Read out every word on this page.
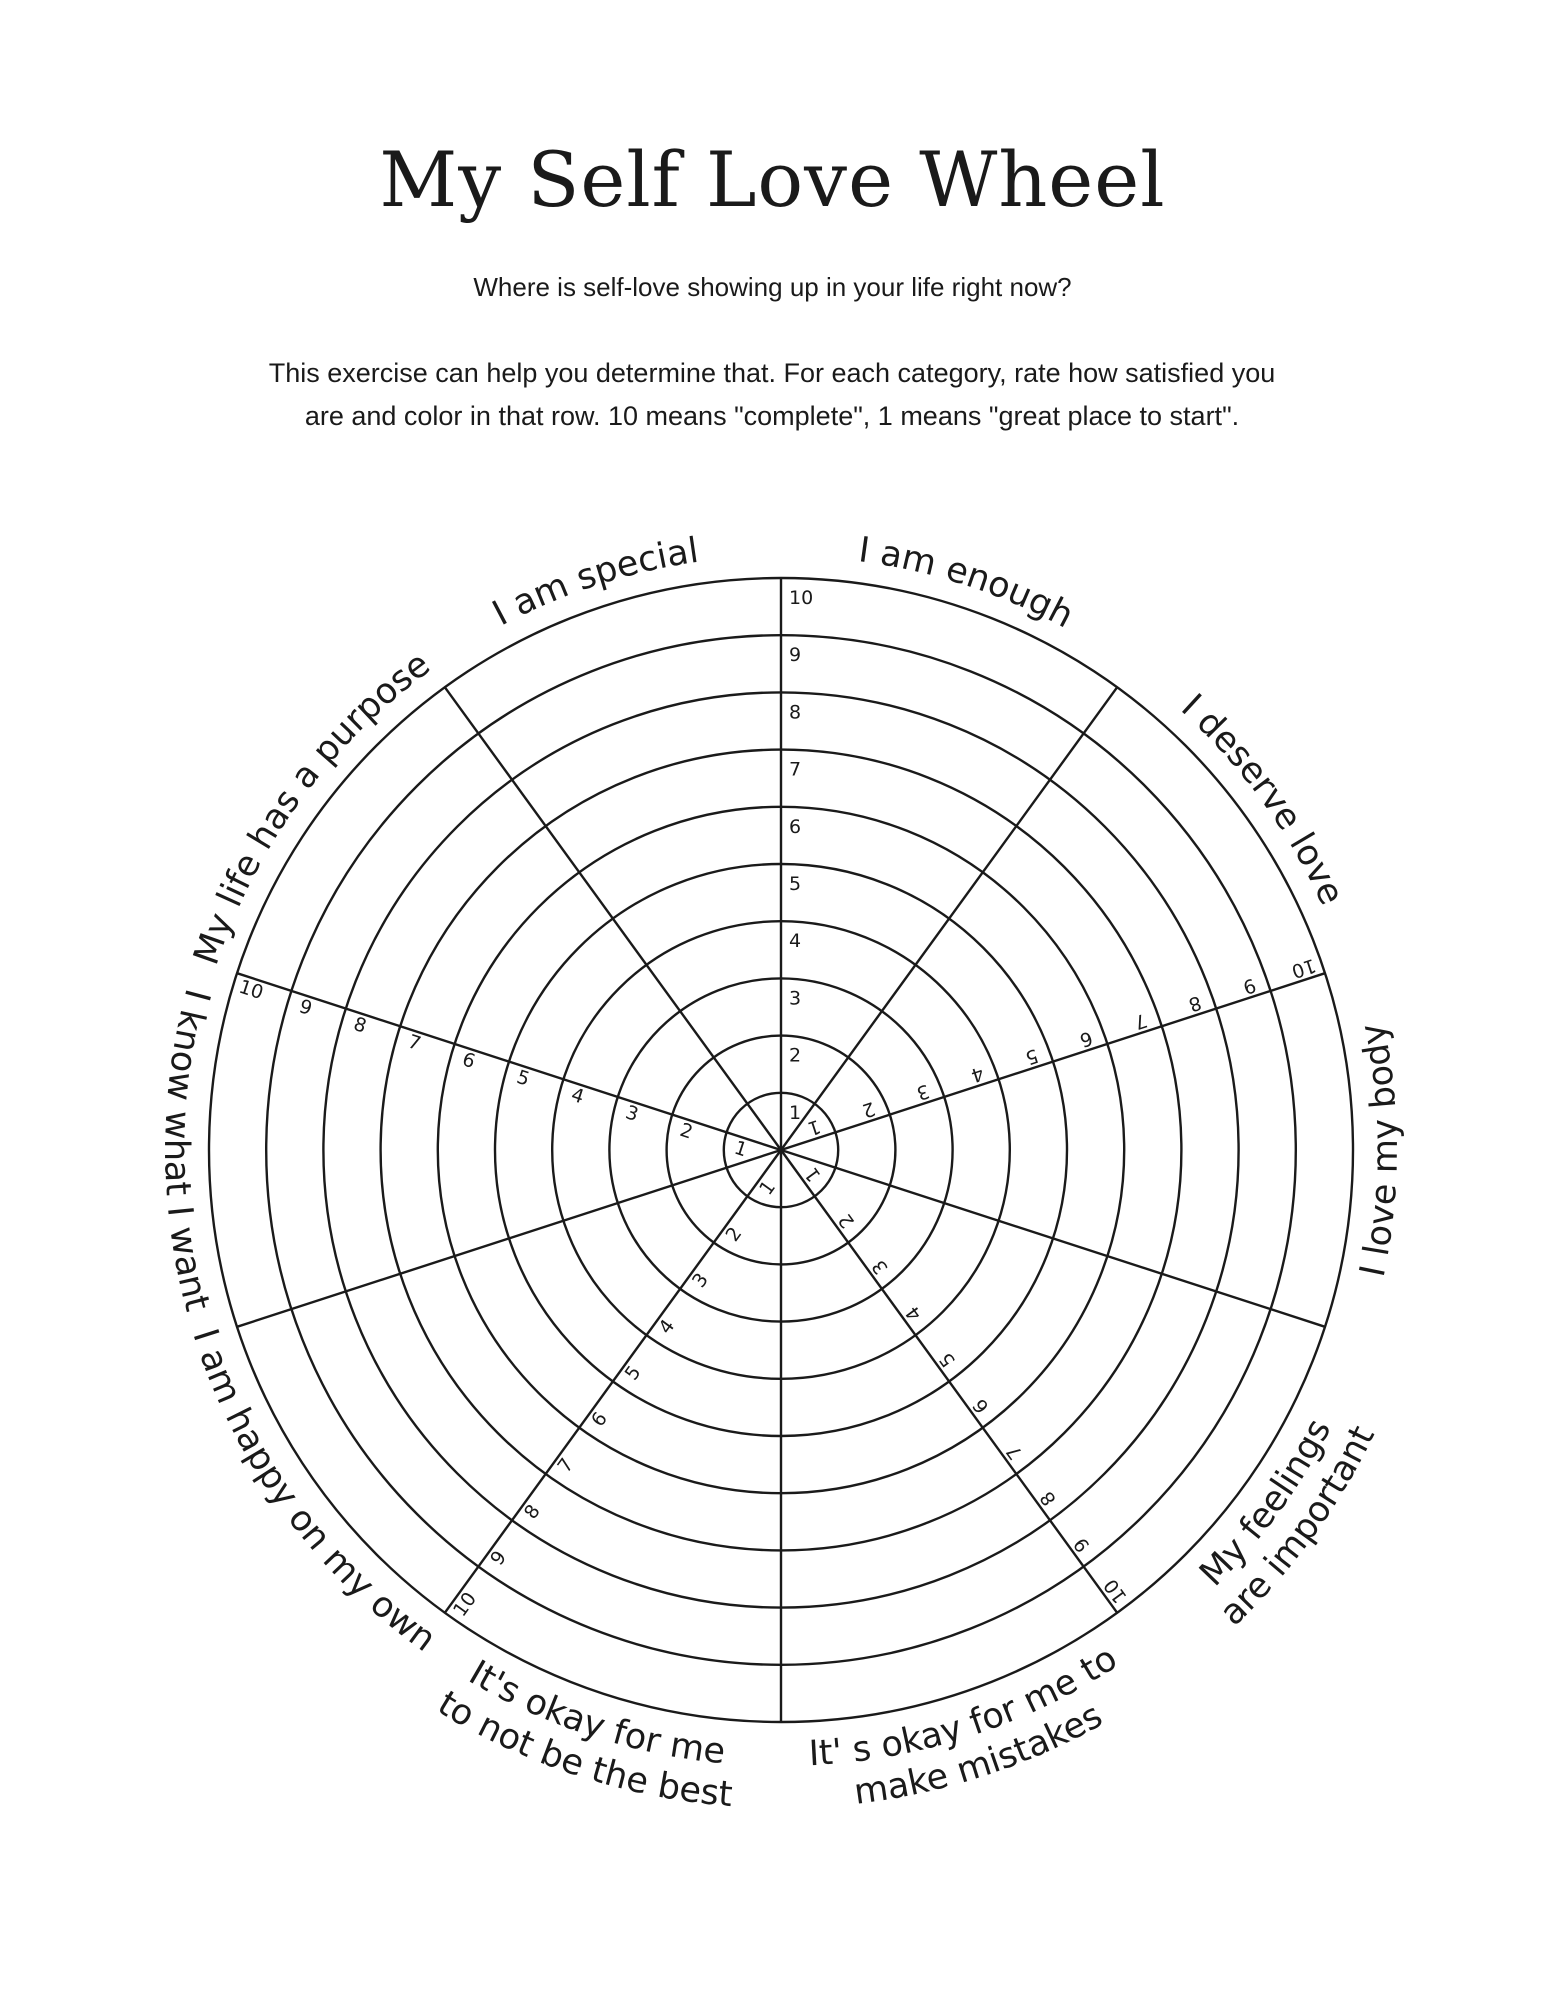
My Self Love Wheel

Where is self-love showing up in your life right now?

This exercise can help you determine that. For each category, rate how satisfied you
are and color in that row. 10 means "complete", 1 means "great place to start".

1
2
3
4
5
6
7
8
9
10
1
2
3
4
5
6
7
8
9
10
1
2
3
4
5
6
7
8
9
10
1
2
3
4
5
6
7
8
9
10
1
2
3
4
5
6
7
8
9
10
I am enough
I deserve love
I love my body
My feelings
are important
It' s okay for me to
make mistakes
It's okay for me
to not be the best
I am happy on my own
I know what I want
My life has a purpose
I am special
